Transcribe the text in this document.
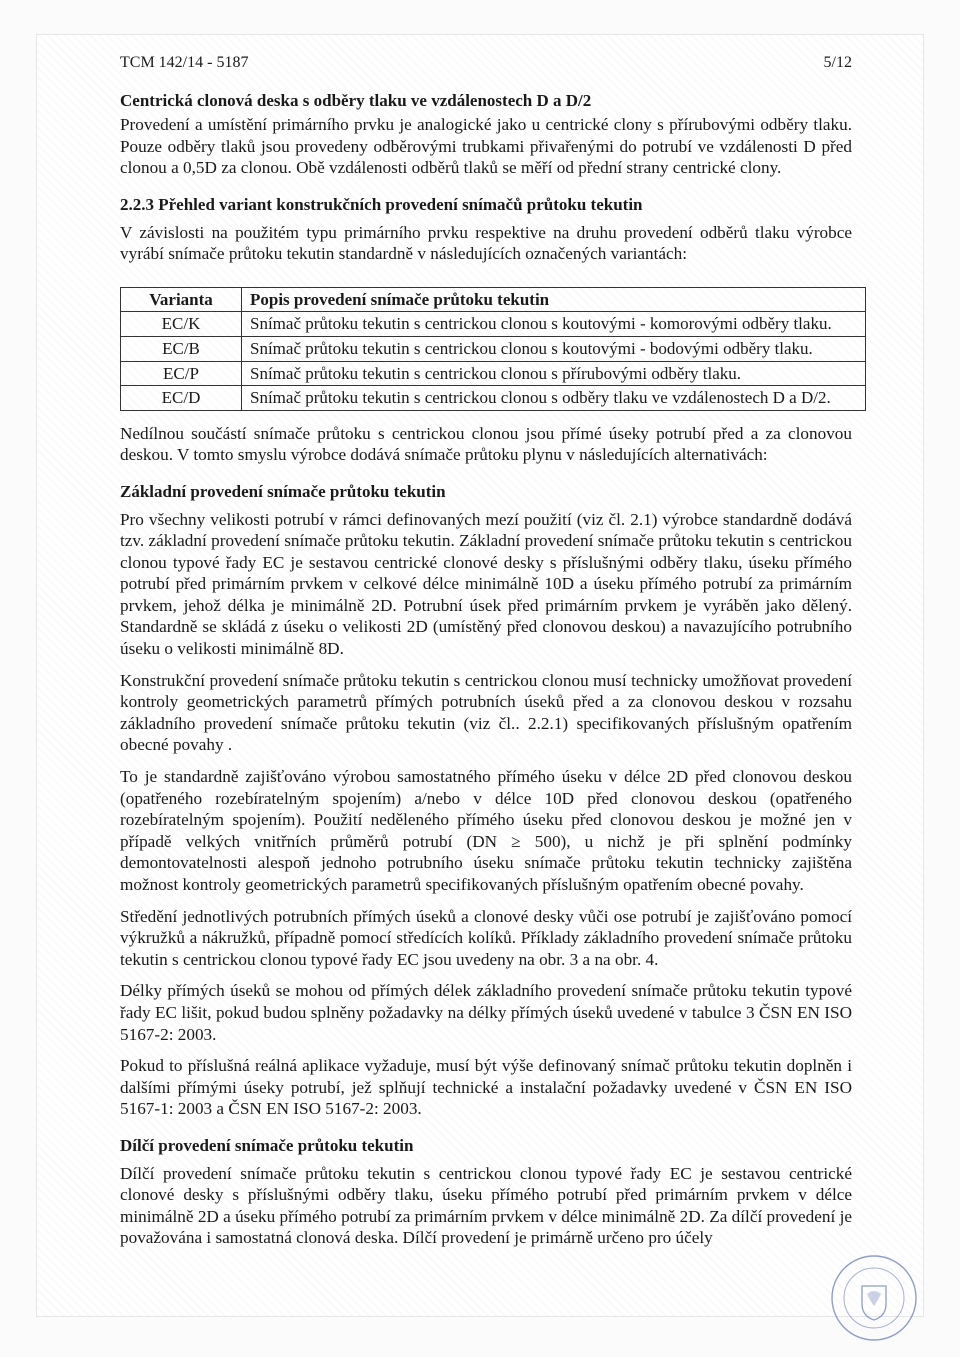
TCM 142/14 - 5187	5/12
Centrická clonová deska s odběry tlaku ve vzdálenostech D a D/2

Provedení a umístění primárního prvku je analogické jako u centrické clony s přírubovými odběry tlaku. Pouze odběry tlaků jsou provedeny odběrovými trubkami přivařenými do potrubí ve vzdálenosti D před clonou a 0,5D za clonou. Obě vzdálenosti odběrů tlaků se měří od přední strany centrické clony.

2.2.3 Přehled variant konstrukčních provedení snímačů průtoku tekutin

V závislosti na použitém typu primárního prvku respektive na druhu provedení odběrů tlaku výrobce vyrábí snímače průtoku tekutin standardně v následujících označených variantách:

Varianta	Popis provedení snímače průtoku tekutin
EC/K	Snímač průtoku tekutin s centrickou clonou s koutovými - komorovými odběry tlaku.
EC/B	Snímač průtoku tekutin s centrickou clonou s koutovými - bodovými odběry tlaku.
EC/P	Snímač průtoku tekutin s centrickou clonou s přírubovými odběry tlaku.
EC/D	Snímač průtoku tekutin s centrickou clonou s odběry tlaku ve vzdálenostech D a D/2.

Nedílnou součástí snímače průtoku s centrickou clonou jsou přímé úseky potrubí před a za clonovou deskou. V tomto smyslu výrobce dodává snímače průtoku plynu v následujících alternativách:

Základní provedení snímače průtoku tekutin

Pro všechny velikosti potrubí v rámci definovaných mezí použití (viz čl. 2.1) výrobce standardně dodává tzv. základní provedení snímače průtoku tekutin. Základní provedení snímače průtoku tekutin s centrickou clonou typové řady EC je sestavou centrické clonové desky s příslušnými odběry tlaku, úseku přímého potrubí před primárním prvkem v celkové délce minimálně 10D a úseku přímého potrubí za primárním prvkem, jehož délka je minimálně 2D. Potrubní úsek před primárním prvkem je vyráběn jako dělený. Standardně se skládá z úseku o velikosti 2D (umístěný před clonovou deskou) a navazujícího potrubního úseku o velikosti minimálně 8D.

Konstrukční provedení snímače průtoku tekutin s centrickou clonou musí technicky umožňovat provedení kontroly geometrických parametrů přímých potrubních úseků před a za clonovou deskou v rozsahu základního provedení snímače průtoku tekutin (viz čl.. 2.2.1) specifikovaných příslušným opatřením obecné povahy .

To je standardně zajišťováno výrobou samostatného přímého úseku v délce 2D před clonovou deskou (opatřeného rozebíratelným spojením) a/nebo v délce 10D před clonovou deskou (opatřeného rozebíratelným spojením). Použití neděleného přímého úseku před clonovou deskou je možné jen v případě velkých vnitřních průměrů potrubí (DN ≥ 500), u nichž je při splnění podmínky demontovatelnosti alespoň jednoho potrubního úseku snímače průtoku tekutin technicky zajištěna možnost kontroly geometrických parametrů specifikovaných příslušným opatřením obecné povahy.

Středění jednotlivých potrubních přímých úseků a clonové desky vůči ose potrubí je zajišťováno pomocí výkružků a nákružků, případně pomocí středících kolíků. Příklady základního provedení snímače průtoku tekutin s centrickou clonou typové řady EC jsou uvedeny na obr. 3 a na obr. 4.

Délky přímých úseků se mohou od přímých délek základního provedení snímače průtoku tekutin typové řady EC lišit, pokud budou splněny požadavky na délky přímých úseků uvedené v tabulce 3 ČSN EN ISO 5167-2: 2003.

Pokud to příslušná reálná aplikace vyžaduje, musí být výše definovaný snímač průtoku tekutin doplněn i dalšími přímými úseky potrubí, jež splňují technické a instalační požadavky uvedené v ČSN EN ISO 5167-1: 2003 a ČSN EN ISO 5167-2: 2003.

Dílčí provedení snímače průtoku tekutin

Dílčí provedení snímače průtoku tekutin s centrickou clonou typové řady EC je sestavou centrické clonové desky s příslušnými odběry tlaku, úseku přímého potrubí před primárním prvkem v délce minimálně 2D a úseku přímého potrubí za primárním prvkem v délce minimálně 2D. Za dílčí provedení je považována i samostatná clonová deska. Dílčí provedení je primárně určeno pro účely
